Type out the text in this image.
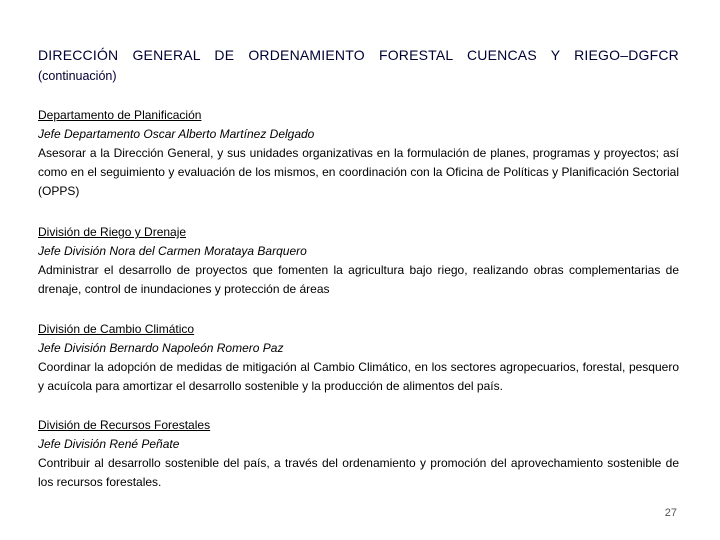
DIRECCIÓN GENERAL DE ORDENAMIENTO FORESTAL CUENCAS Y RIEGO–DGFCR
(continuación)
Departamento de Planificación
Jefe Departamento Oscar Alberto Martínez Delgado
Asesorar a la Dirección General, y sus unidades organizativas en la formulación de planes, programas y proyectos; así como en el seguimiento y evaluación de los mismos, en coordinación con la Oficina de Políticas y Planificación Sectorial (OPPS)
División de Riego y Drenaje
Jefe División Nora del Carmen Morataya Barquero
Administrar el desarrollo de proyectos que fomenten la agricultura bajo riego, realizando obras complementarias de drenaje, control de inundaciones y protección de áreas
División de Cambio Climático
Jefe División Bernardo Napoleón Romero Paz
Coordinar la adopción de medidas de mitigación al Cambio Climático, en los sectores agropecuarios, forestal, pesquero y acuícola para amortizar el desarrollo sostenible y la producción de alimentos del país.
División de Recursos Forestales
Jefe División René Peñate
Contribuir al desarrollo sostenible del país, a través del ordenamiento y promoción del aprovechamiento sostenible de los recursos forestales.
27
